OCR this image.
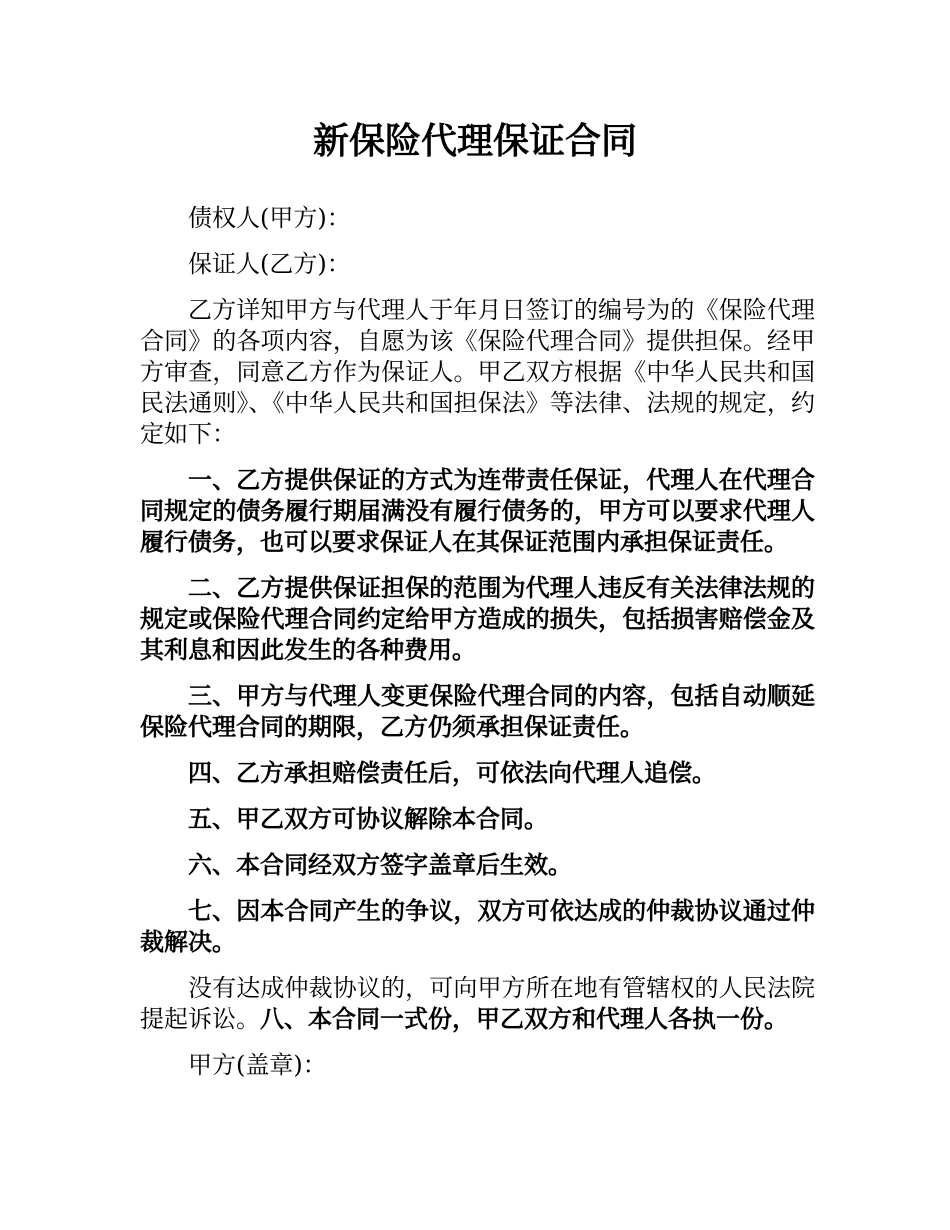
新保险代理保证合同

债权人(甲方)：

保证人(乙方)：

乙方详知甲方与代理人于年月日签订的编号为的《保险代理合同》的各项内容，自愿为该《保险代理合同》提供担保。经甲方审查，同意乙方作为保证人。甲乙双方根据《中华人民共和国民法通则》、《中华人民共和国担保法》等法律、法规的规定，约定如下：

一、乙方提供保证的方式为连带责任保证，代理人在代理合同规定的债务履行期届满没有履行债务的，甲方可以要求代理人履行债务，也可以要求保证人在其保证范围内承担保证责任。

二、乙方提供保证担保的范围为代理人违反有关法律法规的规定或保险代理合同约定给甲方造成的损失，包括损害赔偿金及其利息和因此发生的各种费用。

三、甲方与代理人变更保险代理合同的内容，包括自动顺延保险代理合同的期限，乙方仍须承担保证责任。

四、乙方承担赔偿责任后，可依法向代理人追偿。

五、甲乙双方可协议解除本合同。

六、本合同经双方签字盖章后生效。

七、因本合同产生的争议，双方可依达成的仲裁协议通过仲裁解决。

没有达成仲裁协议的，可向甲方所在地有管辖权的人民法院提起诉讼。八、本合同一式份，甲乙双方和代理人各执一份。

甲方(盖章)：
